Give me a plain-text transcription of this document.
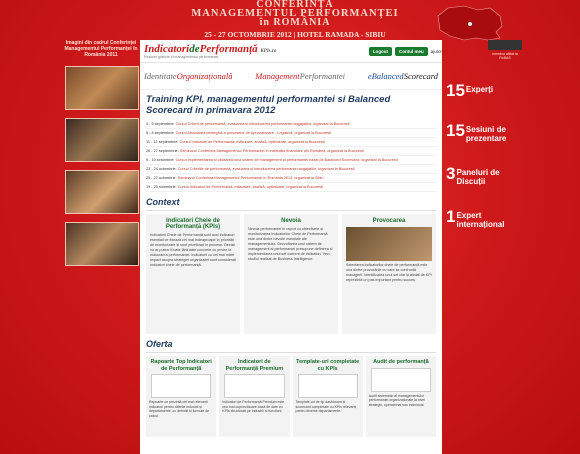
CONFERINȚA
MANAGEMENTUL PERFORMANȚEI
în ROMÂNIA
25 - 27 OCTOMBRIE 2012 | HOTEL RAMADA - SIBIU
Imagini din cadrul Conferinței Managementul Performanței în România 2011	IndicatoridePerformanță KPIs.ro
Resurse gratuite în managementul performanței
Logout	Contul meu	ajutor
IdentitateOrganizațională	ManagementPerformantei	eBalancedScorecard
Training KPI, managementul performantei si Balanced Scorecard in primavara 2012
4 - 5 septembrie: Cursul Criterii de performanță, evaluarea și introducerea performanței angajaților, organizat la București
6 - 8 septembrie: Cursul Abordarea strategică a proceselor de Aprovizionare - Logistică, organizat la București
11 - 12 septembrie: Cursul Indicatori de Performanță: măsurare, analiză, optimizare, organizat la București
26 - 27 septembrie: Seminarul Conferința Managementul Performanței în instituțiile financiare din România, organizat la București
9 - 10 octombrie: Cursul Implementarea și utilizarea unui sistem de management al performanței bazat pe Balanced Scorecard, organizat la București
23 - 24 octombrie: Cursul Criteriile de performanță, evaluarea și introducerea performanței angajaților, organizat la București
25 - 27 octombrie: Seminarul Conferința Managementul Performanței în România 2012, organizat la Sibiu
19 - 20 noiembrie: Cursul Indicatori de Performanță: măsurare, analiză, optimizare, organizat la București
Context
Indicatori Cheie de Performanță (KPIs)

Indicatorii Cheie de Performanță sunt acei indicatori esențiali ce fixează cel mai îndeaproape în priorități de monitorizare și sunt prioritizați în procese. Decizii nu ar putea fi luate fără date concrete cu privire la măsurarea performanței. Indicatorii cu cel mai mare impact asupra strategiei organizației sunt considerați indicatori cheie de performanță.

Nevoia

Nevoia performanței în raport cu obiectivele și monitorizarea Indicatorilor Cheie de Performanță este una dintre nevoile esențiale ale managementului. Dezvoltarea unui sistem de management al performanței presupune definirea și implementarea unui set coerent de indicatori. Vezi studiul realizat de Business Intelligence.

Provocarea

Selectarea indicatorilor cheie de performanță este una dintre provocările cu care se confruntă managerii. Identificarea unui set clar și aliniat de KPI reprezintă un pas important pentru succes.

Oferta
Rapoarte Top Indicatori de Performanță

Rapoarte ce prezintă cei mai relevanți indicatori pentru diferite industrii și departamente, cu definiții și formule de calcul.

Indicatori de Performanță Premium

Indicatori de Performanță Premium este cea mai cuprinzătoare bază de date cu KPIs structurați pe industrii și funcțiuni.

Template-uri completate cu KPIs

Template-uri de tip dashboard și scorecard completate cu KPIs relevanți pentru diverse departamente.

Audit de performanță

Audit sistematic al managementului performanței organizaționale la nivel strategic, operațional sau individual.

membru afiliat la RoBAS
15 Experți
15 Sesiuni de prezentare
3 Paneluri de Discuții
1 Expert internațional
